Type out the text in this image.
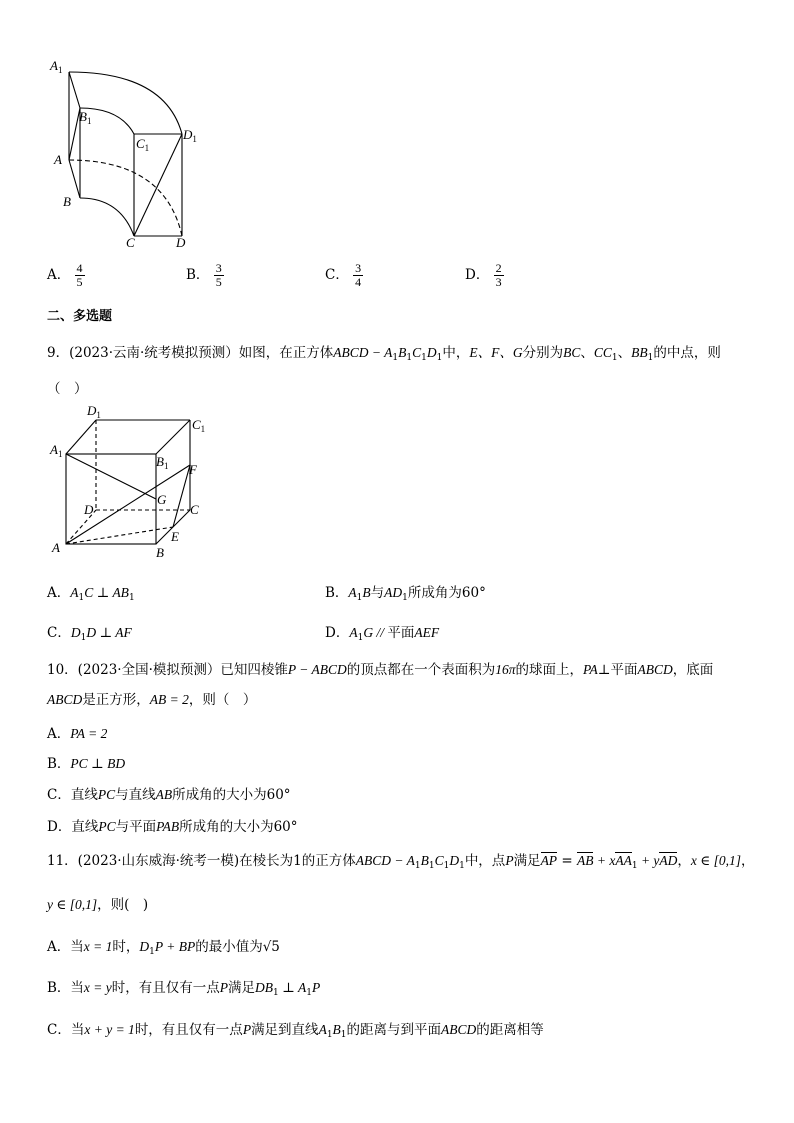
$A_1$
$B_1$
$C_1$
$D_1$
A
B
C	D
A． $\frac{4}{5}$	B． $\frac{3}{5}$	C． $\frac{3}{4}$	D． $\frac{2}{3}$
二、多选题
9．(2023·云南·统考模拟预测）如图，在正方体ABCD − $A_1B_1C_1D_1$中，E、F、G分别为BC、$CC_1$、$BB_1$的中点，则
（　）
$D_1$
$C_1$
$A_1$	$B_1$ F
G
D	C
E
A	B
A．$A_1C$ ⊥ $AB_1$	B．$A_1B$与$AD_1$所成角为60°
C．$D_1D$ ⊥ AF	D．$A_1G$ // 平面AEF
10．(2023·全国·模拟预测）已知四棱锥P − ABCD的顶点都在一个表面积为16π的球面上，PA⊥平面ABCD，底面
ABCD是正方形，AB = 2，则（　）
A．PA = 2
B．PC ⊥ BD
C．直线PC与直线AB所成角的大小为60°
D．直线PC与平面PAB所成角的大小为60°
11．(2023·山东威海·统考一模)在棱长为1的正方体ABCD − $A_1B_1C_1D_1$中，点P满足AP = AB + xAA$_1$ + yAD，x ∈ [0,1]，
y ∈ [0,1]，则(　)
A．当x = 1时，$D_1P$ + BP的最小值为√5
B．当x = y时，有且仅有一点P满足$DB_1$ ⊥ $A_1P$
C．当x + y = 1时，有且仅有一点P满足到直线$A_1B_1$的距离与到平面ABCD的距离相等
